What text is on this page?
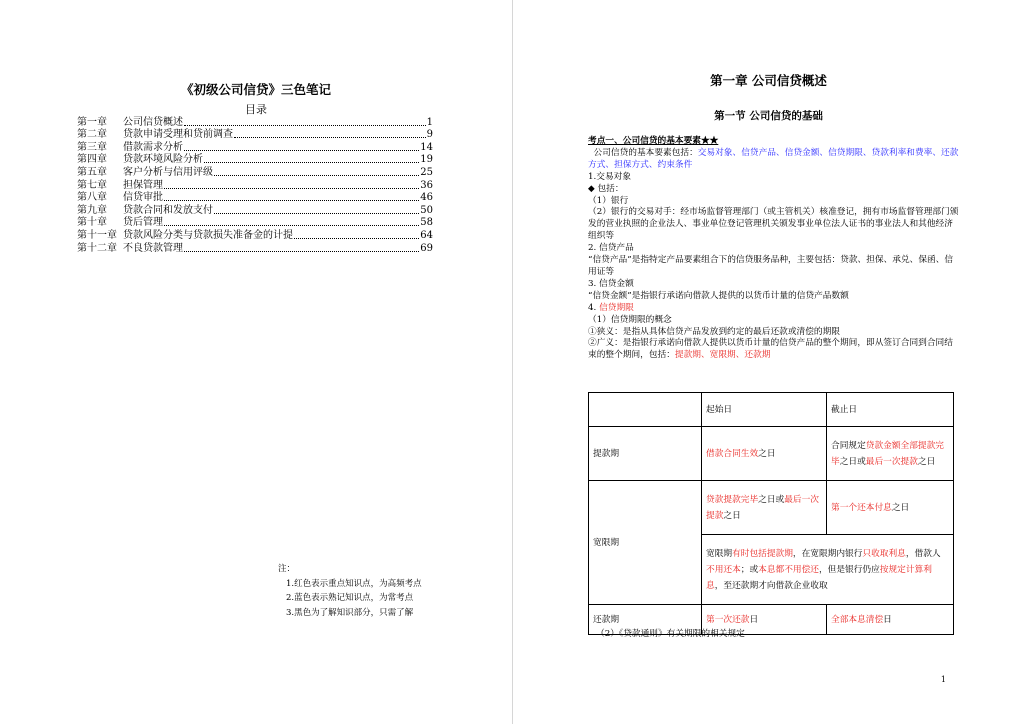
《初级公司信贷》三色笔记
目录
第一章	公司信贷概述	1
第二章	贷款申请受理和贷前调查	9
第三章	借款需求分析	14
第四章	贷款环境风险分析	19
第五章	客户分析与信用评级	25
第七章	担保管理	36
第八章	信贷审批	46
第九章	贷款合同和发放支付	50
第十章	贷后管理	58
第十一章 贷款风险分类与贷款损失准备金的计提	64
第十二章 不良贷款管理	69
注：
1.红色表示重点知识点，为高频考点
2.蓝色表示熟记知识点，为常考点
3.黑色为了解知识部分，只需了解
第一章 公司信贷概述
第一节 公司信贷的基础

考点一、公司信贷的基本要素★★

公司信贷的基本要素包括：交易对象、信贷产品、信贷金额、信贷期限、贷款利率和费率、还款方式、担保方式、约束条件

1.交易对象

◆ 包括：

（1）银行

（2）银行的交易对手：经市场监督管理部门（或主管机关）核准登记，拥有市场监督管理部门颁发的营业执照的企业法人、事业单位登记管理机关颁发事业单位法人证书的事业法人和其他经济组织等

2. 信贷产品

“信贷产品”是指特定产品要素组合下的信贷服务品种，主要包括：贷款、担保、承兑、保函、信用证等

3. 信贷金额

“信贷金额”是指银行承诺向借款人提供的以货币计量的信贷产品数额

4. 信贷期限

（1）信贷期限的概念

①狭义：是指从具体信贷产品发放到约定的最后还款或清偿的期限

②广义：是指银行承诺向借款人提供以货币计量的信贷产品的整个期间，即从签订合同到合同结束的整个期间，包括：提款期、宽限期、还款期

	起始日	截止日
提款期	借款合同生效之日	合同规定贷款金额全部提款完毕之日或最后一次提款之日
宽限期	贷款提款完毕之日或最后一次提款之日	第一个还本付息之日
	宽限期有时包括提款期，在宽限期内银行只收取利息，借款人不用还本；或本息都不用偿还，但是银行仍应按规定计算利息，至还款期才向借款企业收取	
还款期	第一次还款日	全部本息清偿日
（2）《贷款通则》有关期限的相关规定
1
